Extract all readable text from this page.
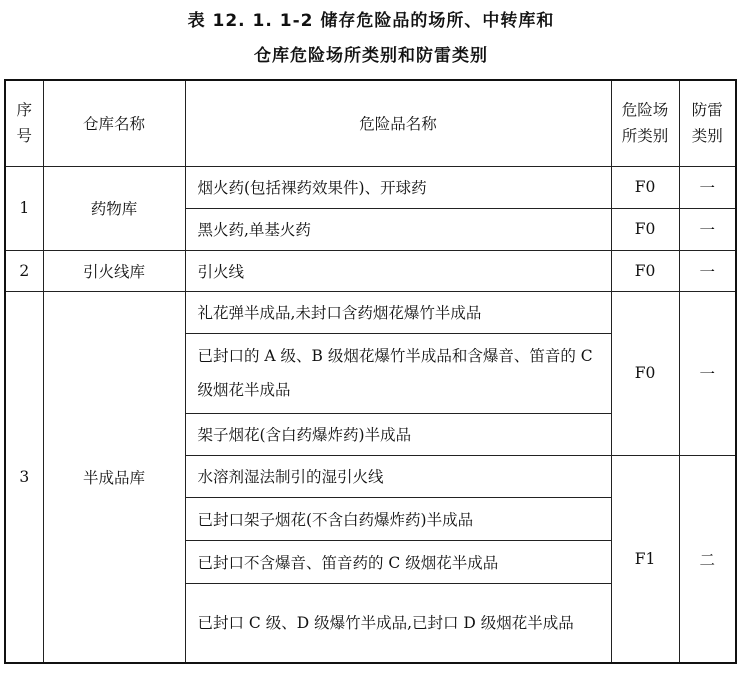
表 12. 1. 1-2 储存危险品的场所、中转库和
仓库危险场所类别和防雷类别
序号	仓库名称	危险品名称	危险场所类别	防雷类别
1	药物库	烟火药(包括裸药效果件)、开球药	F0	一
		黑火药,单基火药	F0	一
2	引火线库	引火线	F0	一
3	半成品库	礼花弹半成品,未封口含药烟花爆竹半成品	F0	一
		已封口的 A 级、B 级烟花爆竹半成品和含爆音、笛音的 C 级烟花半成品		
		架子烟花(含白药爆炸药)半成品		
		水溶剂湿法制引的湿引火线	F1	二
		已封口架子烟花(不含白药爆炸药)半成品		
		已封口不含爆音、笛音药的 C 级烟花半成品		
		已封口 C 级、D 级爆竹半成品,已封口 D 级烟花半成品		
